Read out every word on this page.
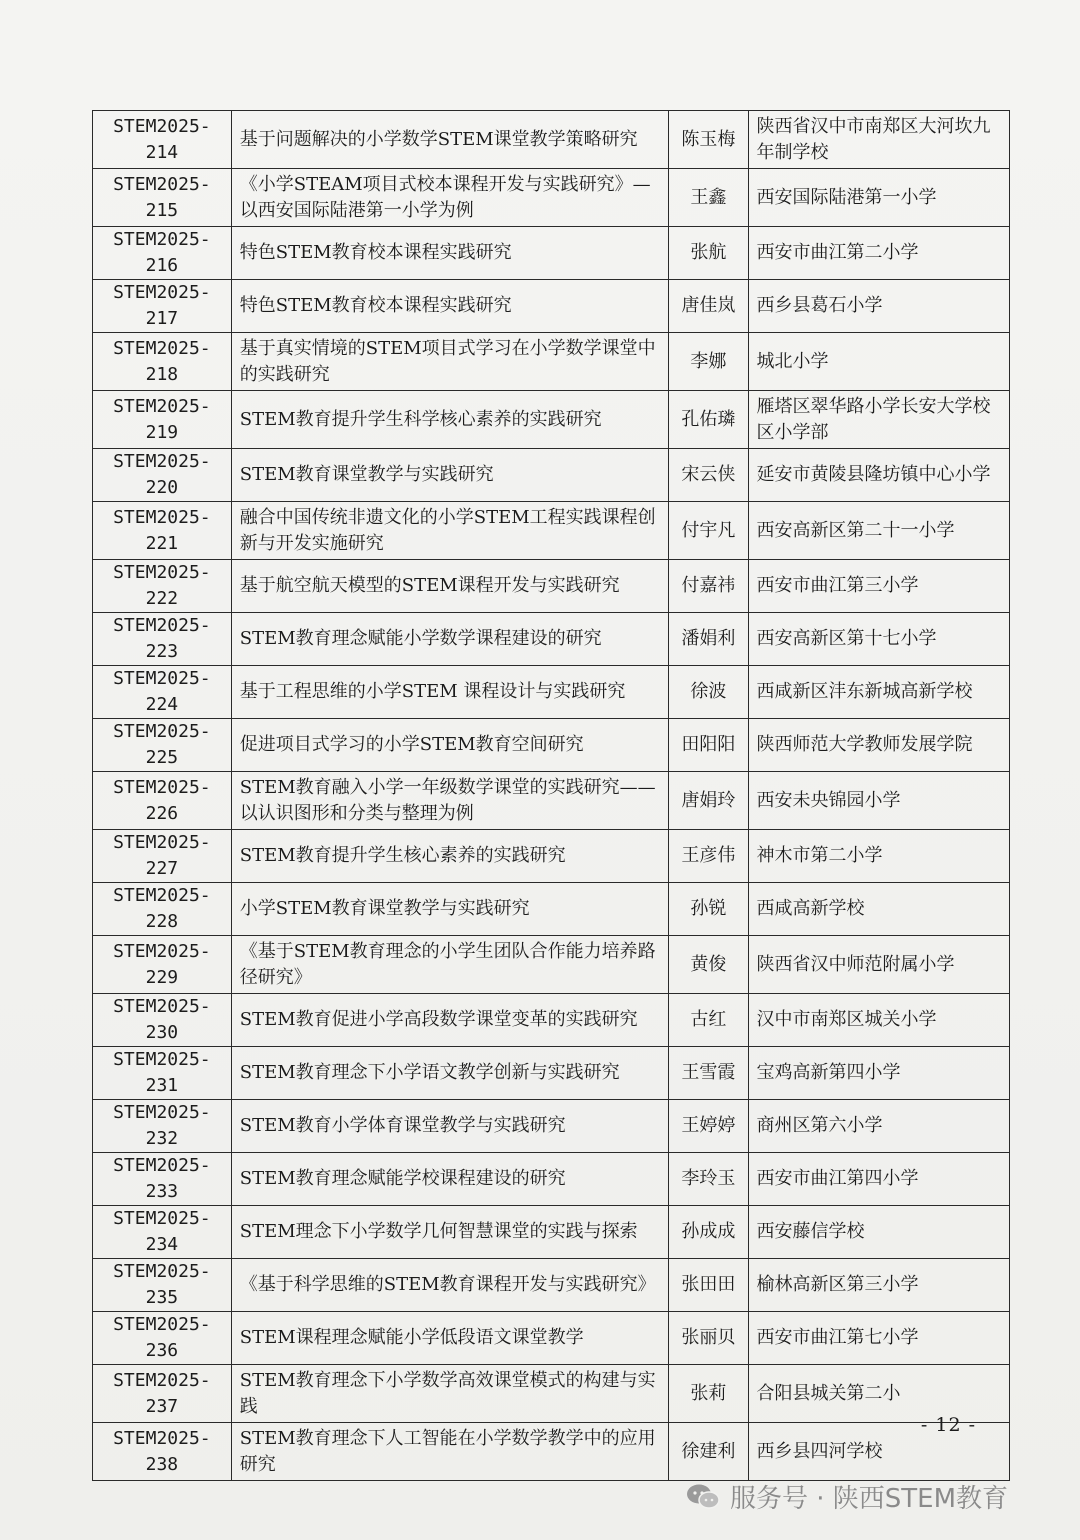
STEM2025-214	基于问题解决的小学数学STEM课堂教学策略研究	陈玉梅	陕西省汉中市南郑区大河坎九年制学校
STEM2025-215	《小学STEAM项目式校本课程开发与实践研究》—以西安国际陆港第一小学为例	王鑫	西安国际陆港第一小学
STEM2025-216	特色STEM教育校本课程实践研究	张航	西安市曲江第二小学
STEM2025-217	特色STEM教育校本课程实践研究	唐佳岚	西乡县葛石小学
STEM2025-218	基于真实情境的STEM项目式学习在小学数学课堂中的实践研究	李娜	城北小学
STEM2025-219	STEM教育提升学生科学核心素养的实践研究	孔佑璘	雁塔区翠华路小学长安大学校区小学部
STEM2025-220	STEM教育课堂教学与实践研究	宋云侠	延安市黄陵县隆坊镇中心小学
STEM2025-221	融合中国传统非遗文化的小学STEM工程实践课程创新与开发实施研究	付宇凡	西安高新区第二十一小学
STEM2025-222	基于航空航天模型的STEM课程开发与实践研究	付嘉祎	西安市曲江第三小学
STEM2025-223	STEM教育理念赋能小学数学课程建设的研究	潘娟利	西安高新区第十七小学
STEM2025-224	基于工程思维的小学STEM 课程设计与实践研究	徐波	西咸新区沣东新城高新学校
STEM2025-225	促进项目式学习的小学STEM教育空间研究	田阳阳	陕西师范大学教师发展学院
STEM2025-226	STEM教育融入小学一年级数学课堂的实践研究——以认识图形和分类与整理为例	唐娟玲	西安未央锦园小学
STEM2025-227	STEM教育提升学生核心素养的实践研究	王彦伟	神木市第二小学
STEM2025-228	小学STEM教育课堂教学与实践研究	孙锐	西咸高新学校
STEM2025-229	《基于STEM教育理念的小学生团队合作能力培养路径研究》	黄俊	陕西省汉中师范附属小学
STEM2025-230	STEM教育促进小学高段数学课堂变革的实践研究	古红	汉中市南郑区城关小学
STEM2025-231	STEM教育理念下小学语文教学创新与实践研究	王雪霞	宝鸡高新第四小学
STEM2025-232	STEM教育小学体育课堂教学与实践研究	王婷婷	商州区第六小学
STEM2025-233	STEM教育理念赋能学校课程建设的研究	李玲玉	西安市曲江第四小学
STEM2025-234	STEM理念下小学数学几何智慧课堂的实践与探索	孙成成	西安藤信学校
STEM2025-235	《基于科学思维的STEM教育课程开发与实践研究》	张田田	榆林高新区第三小学
STEM2025-236	STEM课程理念赋能小学低段语文课堂教学	张丽贝	西安市曲江第七小学
STEM2025-237	STEM教育理念下小学数学高效课堂模式的构建与实践	张莉	合阳县城关第二小
STEM2025-238	STEM教育理念下人工智能在小学数学教学中的应用研究	徐建利	西乡县四河学校
- 12 -
服务号 · 陕西STEM教育
